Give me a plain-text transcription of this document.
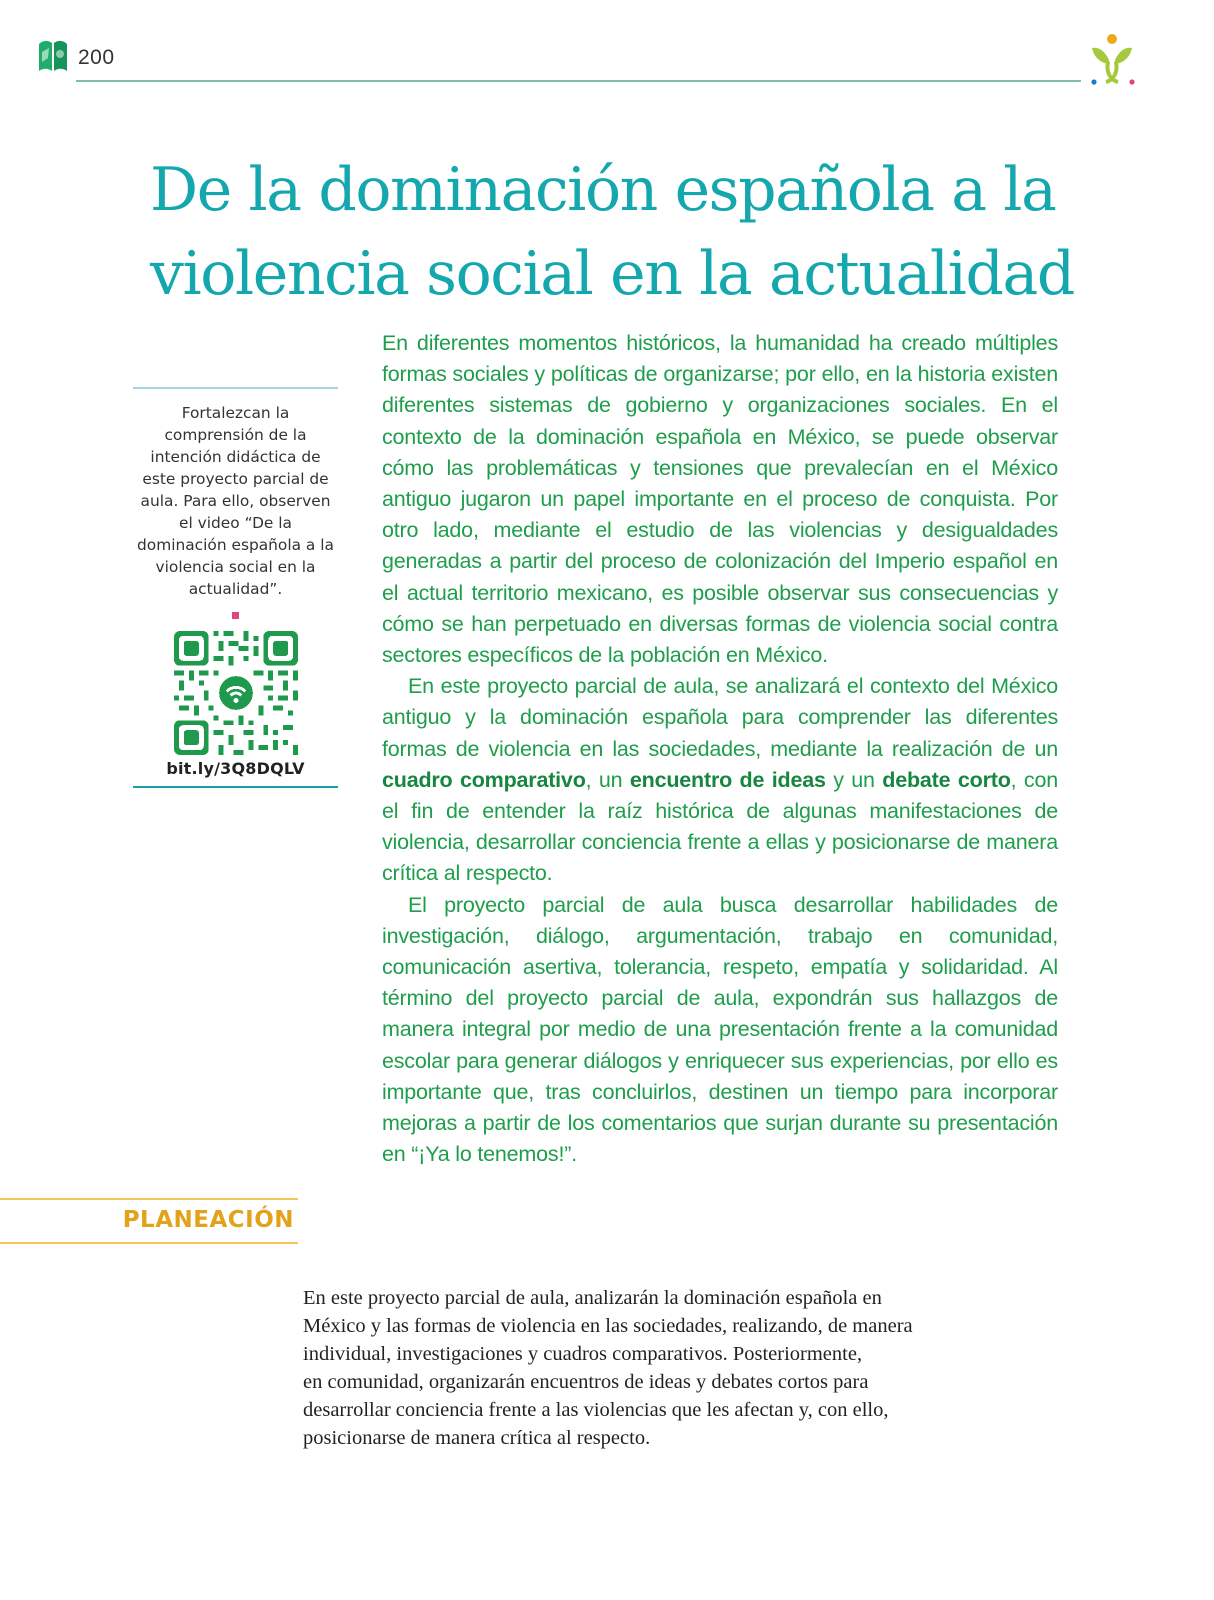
200
De la dominación española a la
violencia social en la actualidad
Fortalezcan la comprensión de la intención didáctica de este proyecto parcial de aula. Para ello, observen el video “De la dominación española a la violencia social en la actualidad”.
bit.ly/3Q8DQLV

En diferentes momentos históricos, la humanidad ha creado múltiples formas sociales y políticas de organizarse; por ello, en la historia existen diferentes sistemas de gobierno y organizaciones sociales. En el contexto de la dominación española en México, se puede observar cómo las problemáticas y tensiones que prevalecían en el México antiguo jugaron un papel importante en el proceso de conquista. Por otro lado, mediante el estudio de las violencias y desigualdades generadas a partir del proceso de colonización del Imperio español en el actual territorio mexicano, es posible observar sus consecuencias y cómo se han perpetuado en diversas formas de violencia social contra sectores específicos de la población en México.

En este proyecto parcial de aula, se analizará el contexto del México antiguo y la dominación española para comprender las diferentes formas de violencia en las sociedades, mediante la realización de un cuadro comparativo, un encuentro de ideas y un debate corto, con el fin de entender la raíz histórica de algunas manifestaciones de violencia, desarrollar conciencia frente a ellas y posicionarse de manera crítica al respecto.

El proyecto parcial de aula busca desarrollar habilidades de investigación, diálogo, argumentación, trabajo en comunidad, comunicación asertiva, tolerancia, respeto, empatía y solidaridad. Al término del proyecto parcial de aula, expondrán sus hallazgos de manera integral por medio de una presentación frente a la comunidad escolar para generar diálogos y enriquecer sus experiencias, por ello es importante que, tras concluirlos, destinen un tiempo para incorporar mejoras a partir de los comentarios que surjan durante su presentación en “¡Ya lo tenemos!”.

PLANEACIÓN
En este proyecto parcial de aula, analizarán la dominación española en
México y las formas de violencia en las sociedades, realizando, de manera
individual, investigaciones y cuadros comparativos. Posteriormente,
en comunidad, organizarán encuentros de ideas y debates cortos para
desarrollar conciencia frente a las violencias que les afectan y, con ello,
posicionarse de manera crítica al respecto.
